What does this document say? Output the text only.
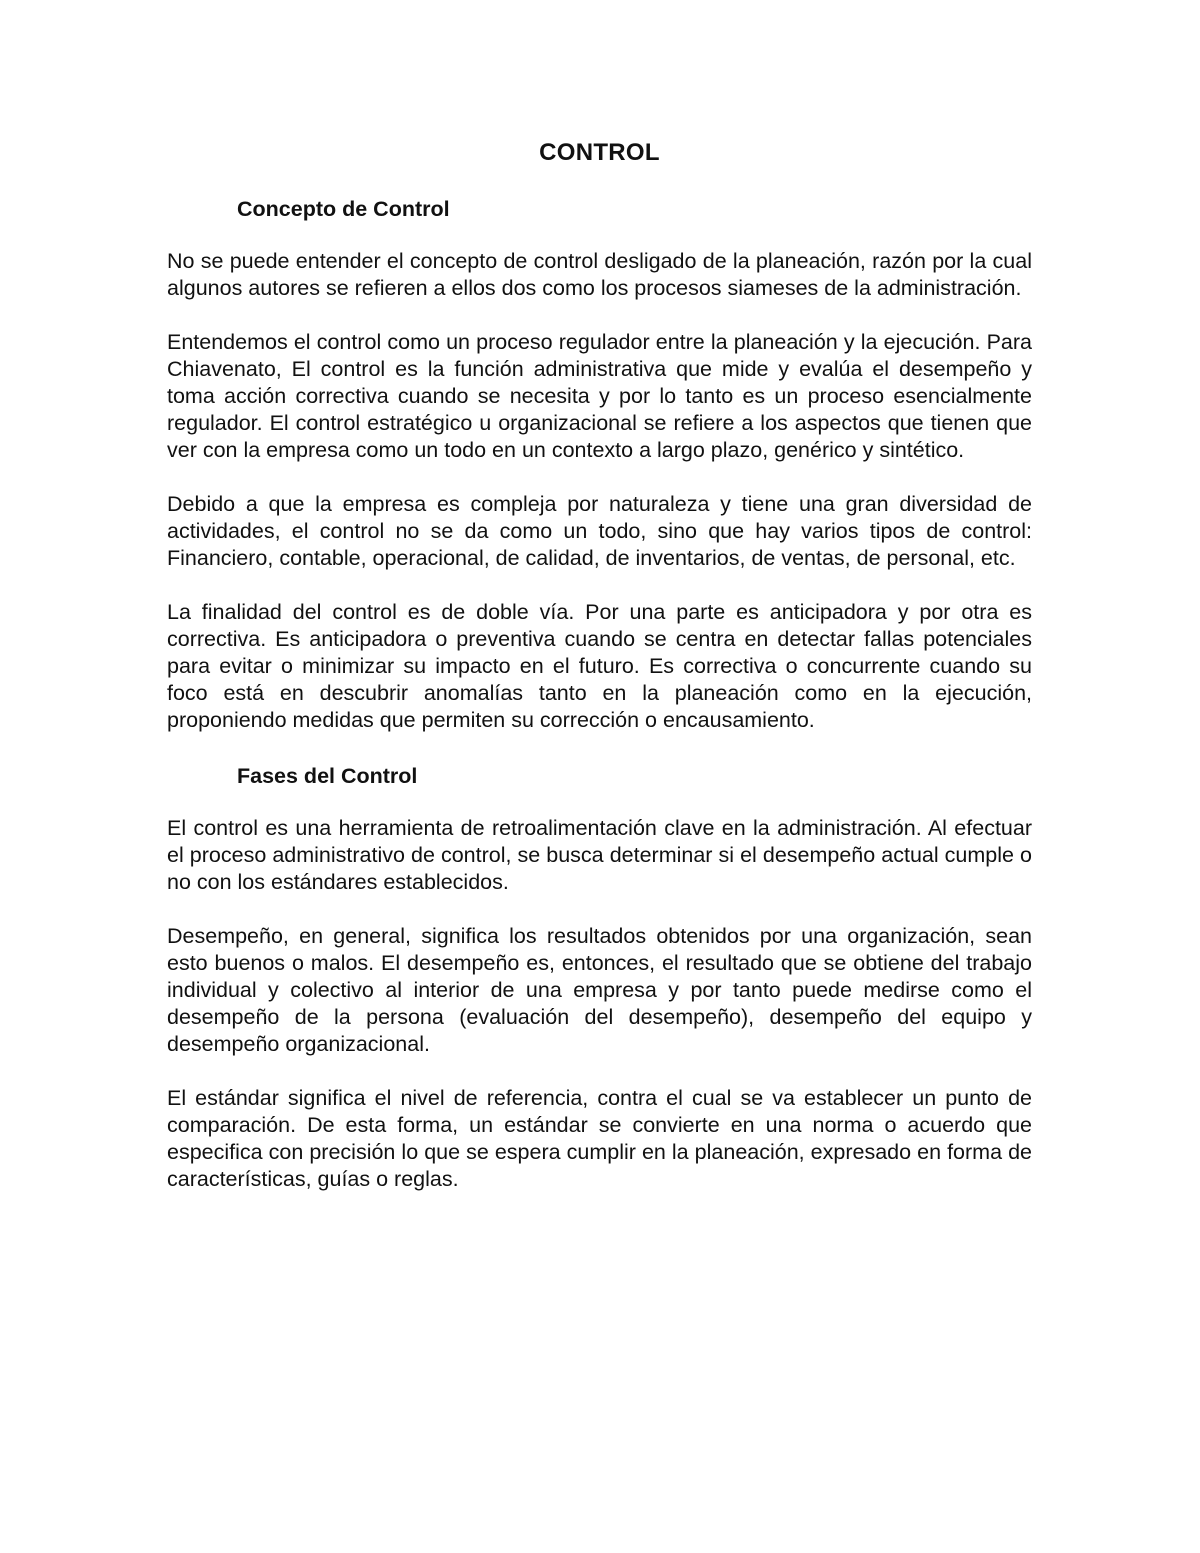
CONTROL
Concepto de Control

No se puede entender el concepto de control desligado de la planeación, razón por la cual algunos autores se refieren a ellos dos como los procesos siameses de la administración.

Entendemos el control como un proceso regulador entre la planeación y la ejecución. Para Chiavenato, El control es la función administrativa que mide y evalúa el desempeño y toma acción correctiva cuando se necesita y por lo tanto es un proceso esencialmente regulador. El control estratégico u organizacional se refiere a los aspectos que tienen que ver con la empresa como un todo en un contexto a largo plazo, genérico y sintético.

Debido a que la empresa es compleja por naturaleza y tiene una gran diversidad de actividades, el control no se da como un todo, sino que hay varios tipos de control: Financiero, contable, operacional, de calidad, de inventarios, de ventas, de personal, etc.

La finalidad del control es de doble vía. Por una parte es anticipadora y por otra es correctiva. Es anticipadora o preventiva cuando se centra en detectar fallas potenciales para evitar o minimizar su impacto en el futuro. Es correctiva o concurrente cuando su foco está en descubrir anomalías tanto en la planeación como en la ejecución, proponiendo medidas que permiten su corrección o encausamiento.

Fases del Control

El control es una herramienta de retroalimentación clave en la administración. Al efectuar el proceso administrativo de control, se busca determinar si el desempeño actual cumple o no con los estándares establecidos.

Desempeño, en general, significa los resultados obtenidos por una organización, sean esto buenos o malos. El desempeño es, entonces, el resultado que se obtiene del trabajo individual y colectivo al interior de una empresa y por tanto puede medirse como el desempeño de la persona (evaluación del desempeño), desempeño del equipo y desempeño organizacional.

El estándar significa el nivel de referencia, contra el cual se va establecer un punto de comparación. De esta forma, un estándar se convierte en una norma o acuerdo que especifica con precisión lo que se espera cumplir en la planeación, expresado en forma de características, guías o reglas.
